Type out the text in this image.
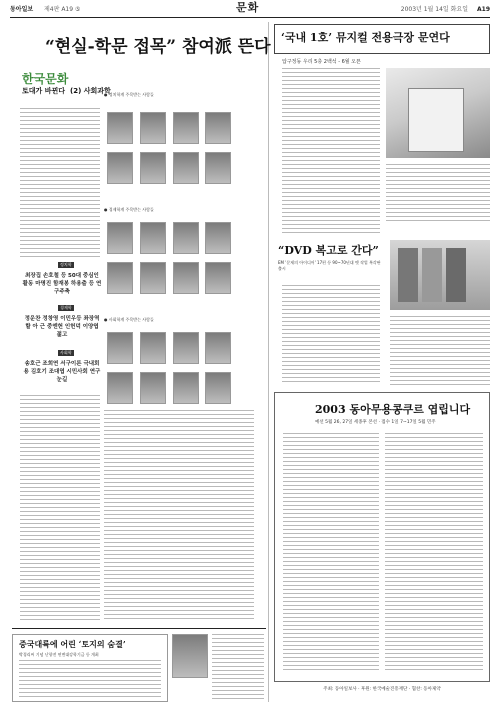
동아일보 제4판 A19 ⑤	문화	2003년 1월 14일 화요일 A19
“현실-학문 접목” 참여派 뜬다
한국문화
토대가 바뀐다 (2) 사회과학
● 정치학계 주목받는 사람들
● 경제학계 주목받는 사람들
● 사회학계 주목받는 사람들
정치학
최장집 손호철 등 50대 중심인 활동 마명진 함재봉 하용출 등 연구주축
경제학
정운찬 정창영 이민우등 좌장역할 아 근 중엔헌 인헌덕 이양엽 젊고
사회학
송호근 조희연 서구이론 극내회용 김호기 조대엽 시민사회 연구 눈길
중국대륙에 어린 ‘토지의 숨결’
박경리씨 기념 난향전 연변대강학기금 등 개최
‘국내 1호’ 뮤지컬 전용극장 문연다
압구정동 우리 5층 2백석 - 6월 오픈
“DVD 복고로 간다”
EM '문제의 아이디어' 17편 등 90~70년대 옛 작업 복각판 출시
2003 동아무용콩쿠르 엽립니다
예선 5월 26, 27일 세종후 본선 · 접수 1일 7~17일 5월 민주
주최: 동아일보사 · 후원: 한국예술진흥재단 · 협찬: 동아제약
